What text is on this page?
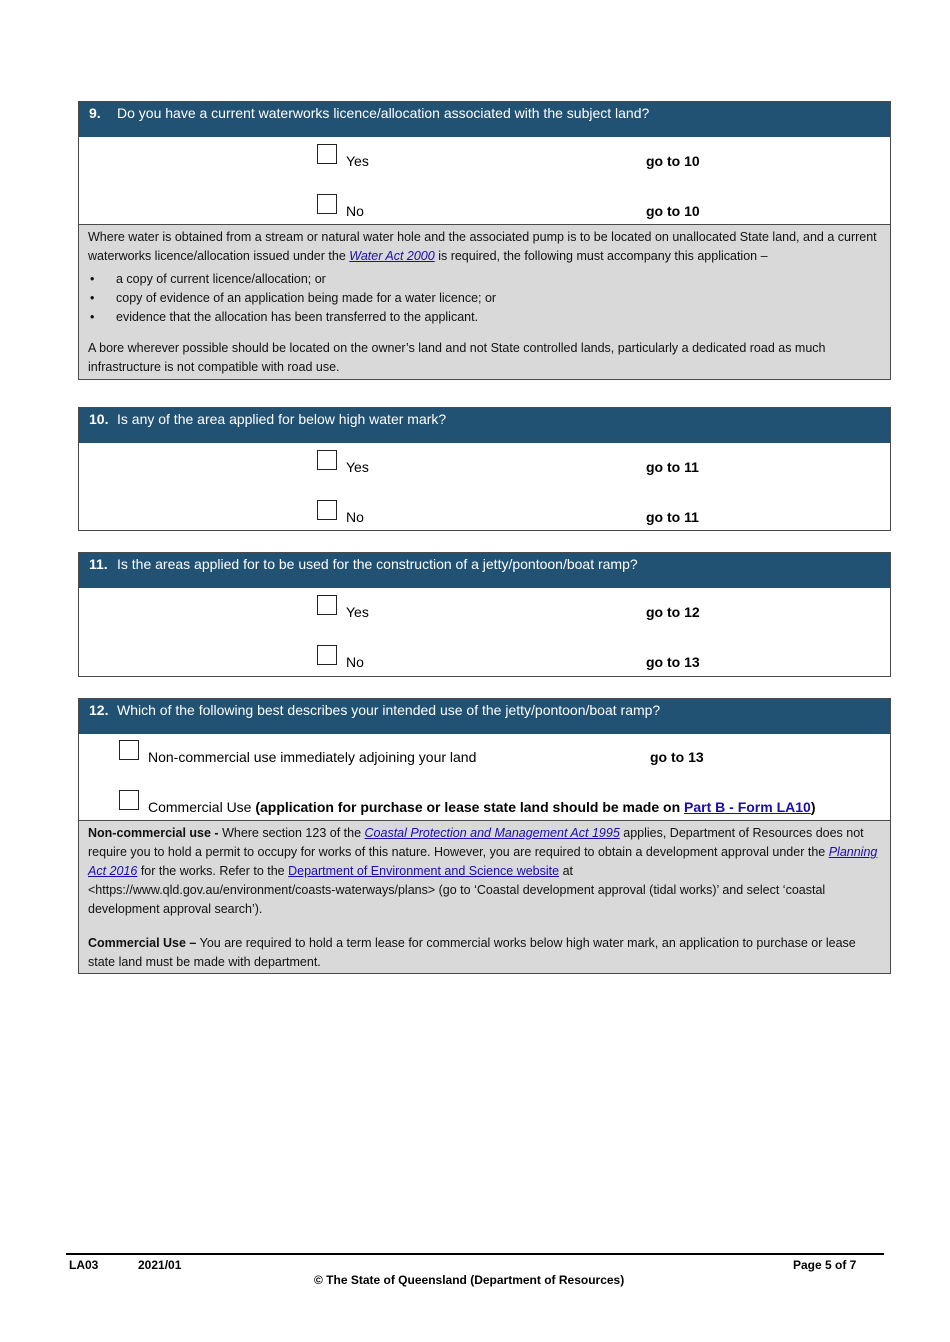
9.	Do you have a current waterworks licence/allocation associated with the subject land?
Yes	go to 10
No	go to 10

Where water is obtained from a stream or natural water hole and the associated pump is to be located on unallocated State land, and a current waterworks licence/allocation issued under the Water Act 2000 is required, the following must accompany this application –

• a copy of current licence/allocation; or
• copy of evidence of an application being made for a water licence; or
• evidence that the allocation has been transferred to the applicant.

A bore wherever possible should be located on the owner’s land and not State controlled lands, particularly a dedicated road as much infrastructure is not compatible with road use.

10. Is any of the area applied for below high water mark?
Yes	go to 11
No	go to 11
11. Is the areas applied for to be used for the construction of a jetty/pontoon/boat ramp?
Yes	go to 12
No	go to 13
12. Which of the following best describes your intended use of the jetty/pontoon/boat ramp?
Non-commercial use immediately adjoining your land	go to 13
Commercial Use (application for purchase or lease state land should be made on Part B - Form LA10)

Non-commercial use - Where section 123 of the Coastal Protection and Management Act 1995 applies, Department of Resources does not require you to hold a permit to occupy for works of this nature. However, you are required to obtain a development approval under the Planning Act 2016 for the works. Refer to the Department of Environment and Science website at
<https://www.qld.gov.au/environment/coasts-waterways/plans> (go to ‘Coastal development approval (tidal works)’ and select ‘coastal development approval search’).

Commercial Use – You are required to hold a term lease for commercial works below high water mark, an application to purchase or lease state land must be made with department.

LA03	2021/01	Page 5 of 7
© The State of Queensland (Department of Resources)
